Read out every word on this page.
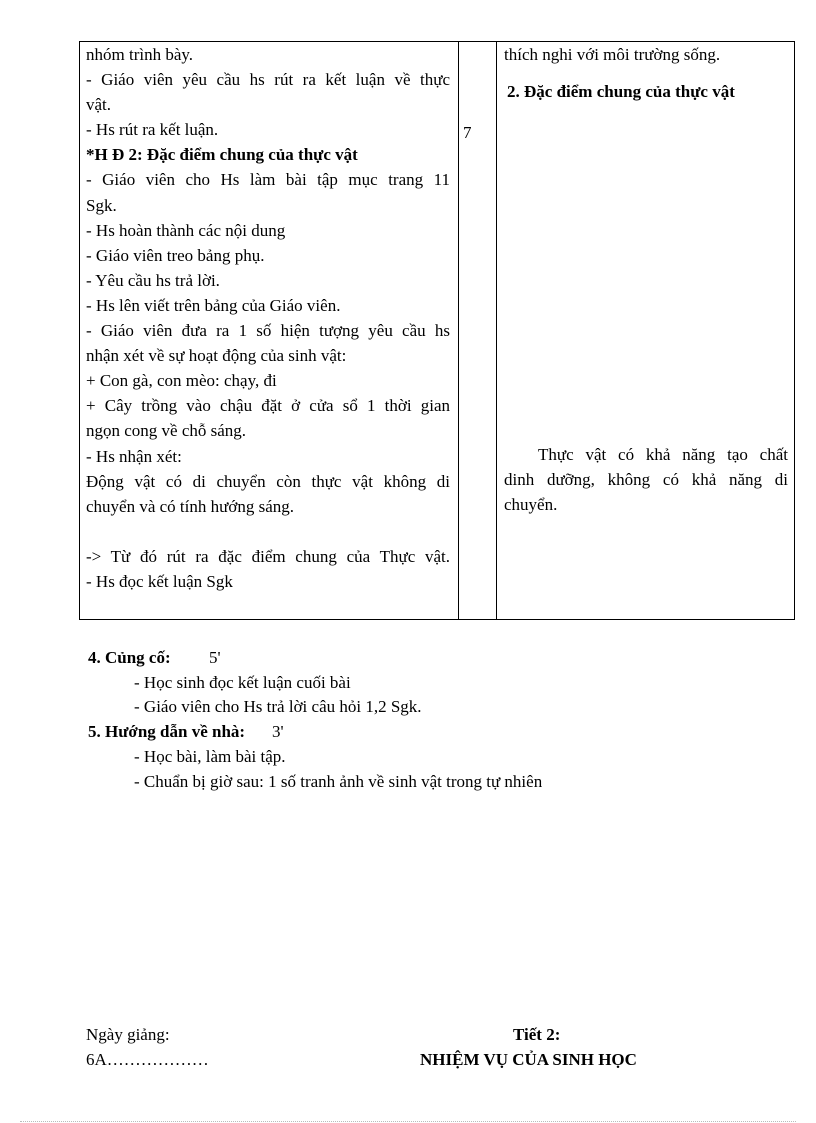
nhóm trình bày.
- Giáo viên yêu cầu hs rút ra kết luận về thực
vật.
- Hs rút ra kết luận.
*H Đ 2: Đặc điểm chung của thực vật
- Giáo viên cho Hs làm bài tập mục trang 11
Sgk.
- Hs hoàn thành các nội dung
- Giáo viên treo bảng phụ.
- Yêu cầu hs trả lời.
- Hs lên viết trên bảng của Giáo viên.
- Giáo viên đưa ra 1 số hiện tượng yêu cầu hs
nhận xét về sự hoạt động của sinh vật:
+ Con gà, con mèo: chạy, đi
+ Cây trồng vào chậu đặt ở cửa sổ 1 thời gian
ngọn cong về chỗ sáng.
- Hs nhận xét:
Động vật có di chuyển còn thực vật không di
chuyển và có tính hướng sáng.
-> Từ đó rút ra đặc điểm chung của Thực vật.
- Hs đọc kết luận Sgk
7
thích nghi với môi trường sống.
2. Đặc điểm chung của thực vật
Thực vật có khả năng tạo chất
dinh dưỡng, không có khả năng di
chuyển.
4. Củng cố: 5'
- Học sinh đọc kết luận cuối bài
- Giáo viên cho Hs trả lời câu hỏi 1,2 Sgk.
5. Hướng dẫn về nhà: 3'
- Học bài, làm bài tập.
- Chuẩn bị giờ sau: 1 số tranh ảnh về sinh vật trong tự nhiên
Ngày giảng:
6A………………
Tiết 2:
NHIỆM VỤ CỦA SINH HỌC
